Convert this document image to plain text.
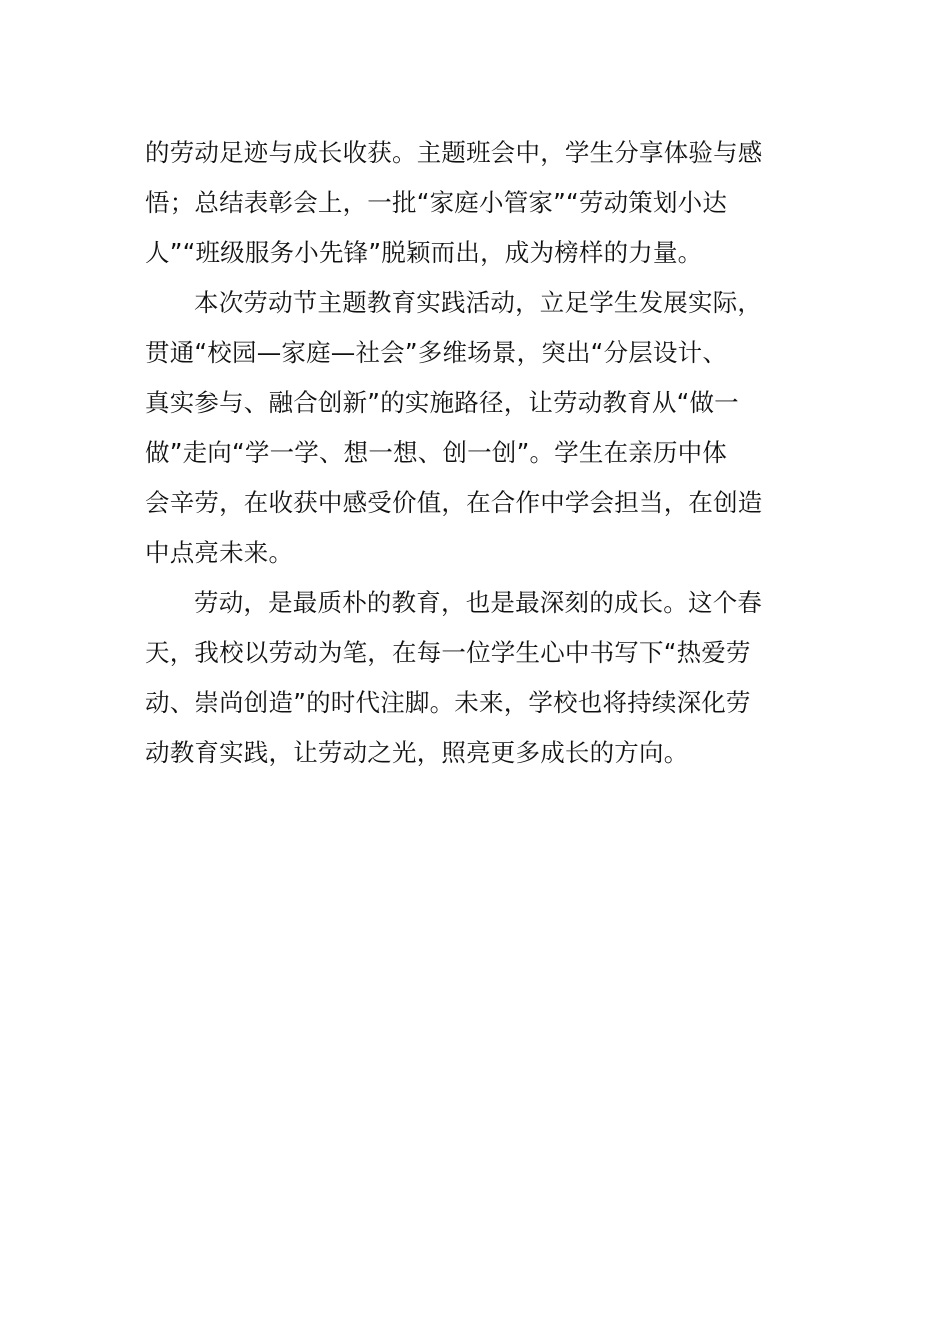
的劳动足迹与成长收获。主题班会中，学生分享体验与感
悟；总结表彰会上，一批“家庭小管家”“劳动策划小达
人”“班级服务小先锋”脱颖而出，成为榜样的力量。
本次劳动节主题教育实践活动，立足学生发展实际，
贯通“校园—家庭—社会”多维场景，突出“分层设计、
真实参与、融合创新”的实施路径，让劳动教育从“做一
做”走向“学一学、想一想、创一创”。学生在亲历中体
会辛劳，在收获中感受价值，在合作中学会担当，在创造
中点亮未来。
劳动，是最质朴的教育，也是最深刻的成长。这个春
天，我校以劳动为笔，在每一位学生心中书写下“热爱劳
动、崇尚创造”的时代注脚。未来，学校也将持续深化劳
动教育实践，让劳动之光，照亮更多成长的方向。
